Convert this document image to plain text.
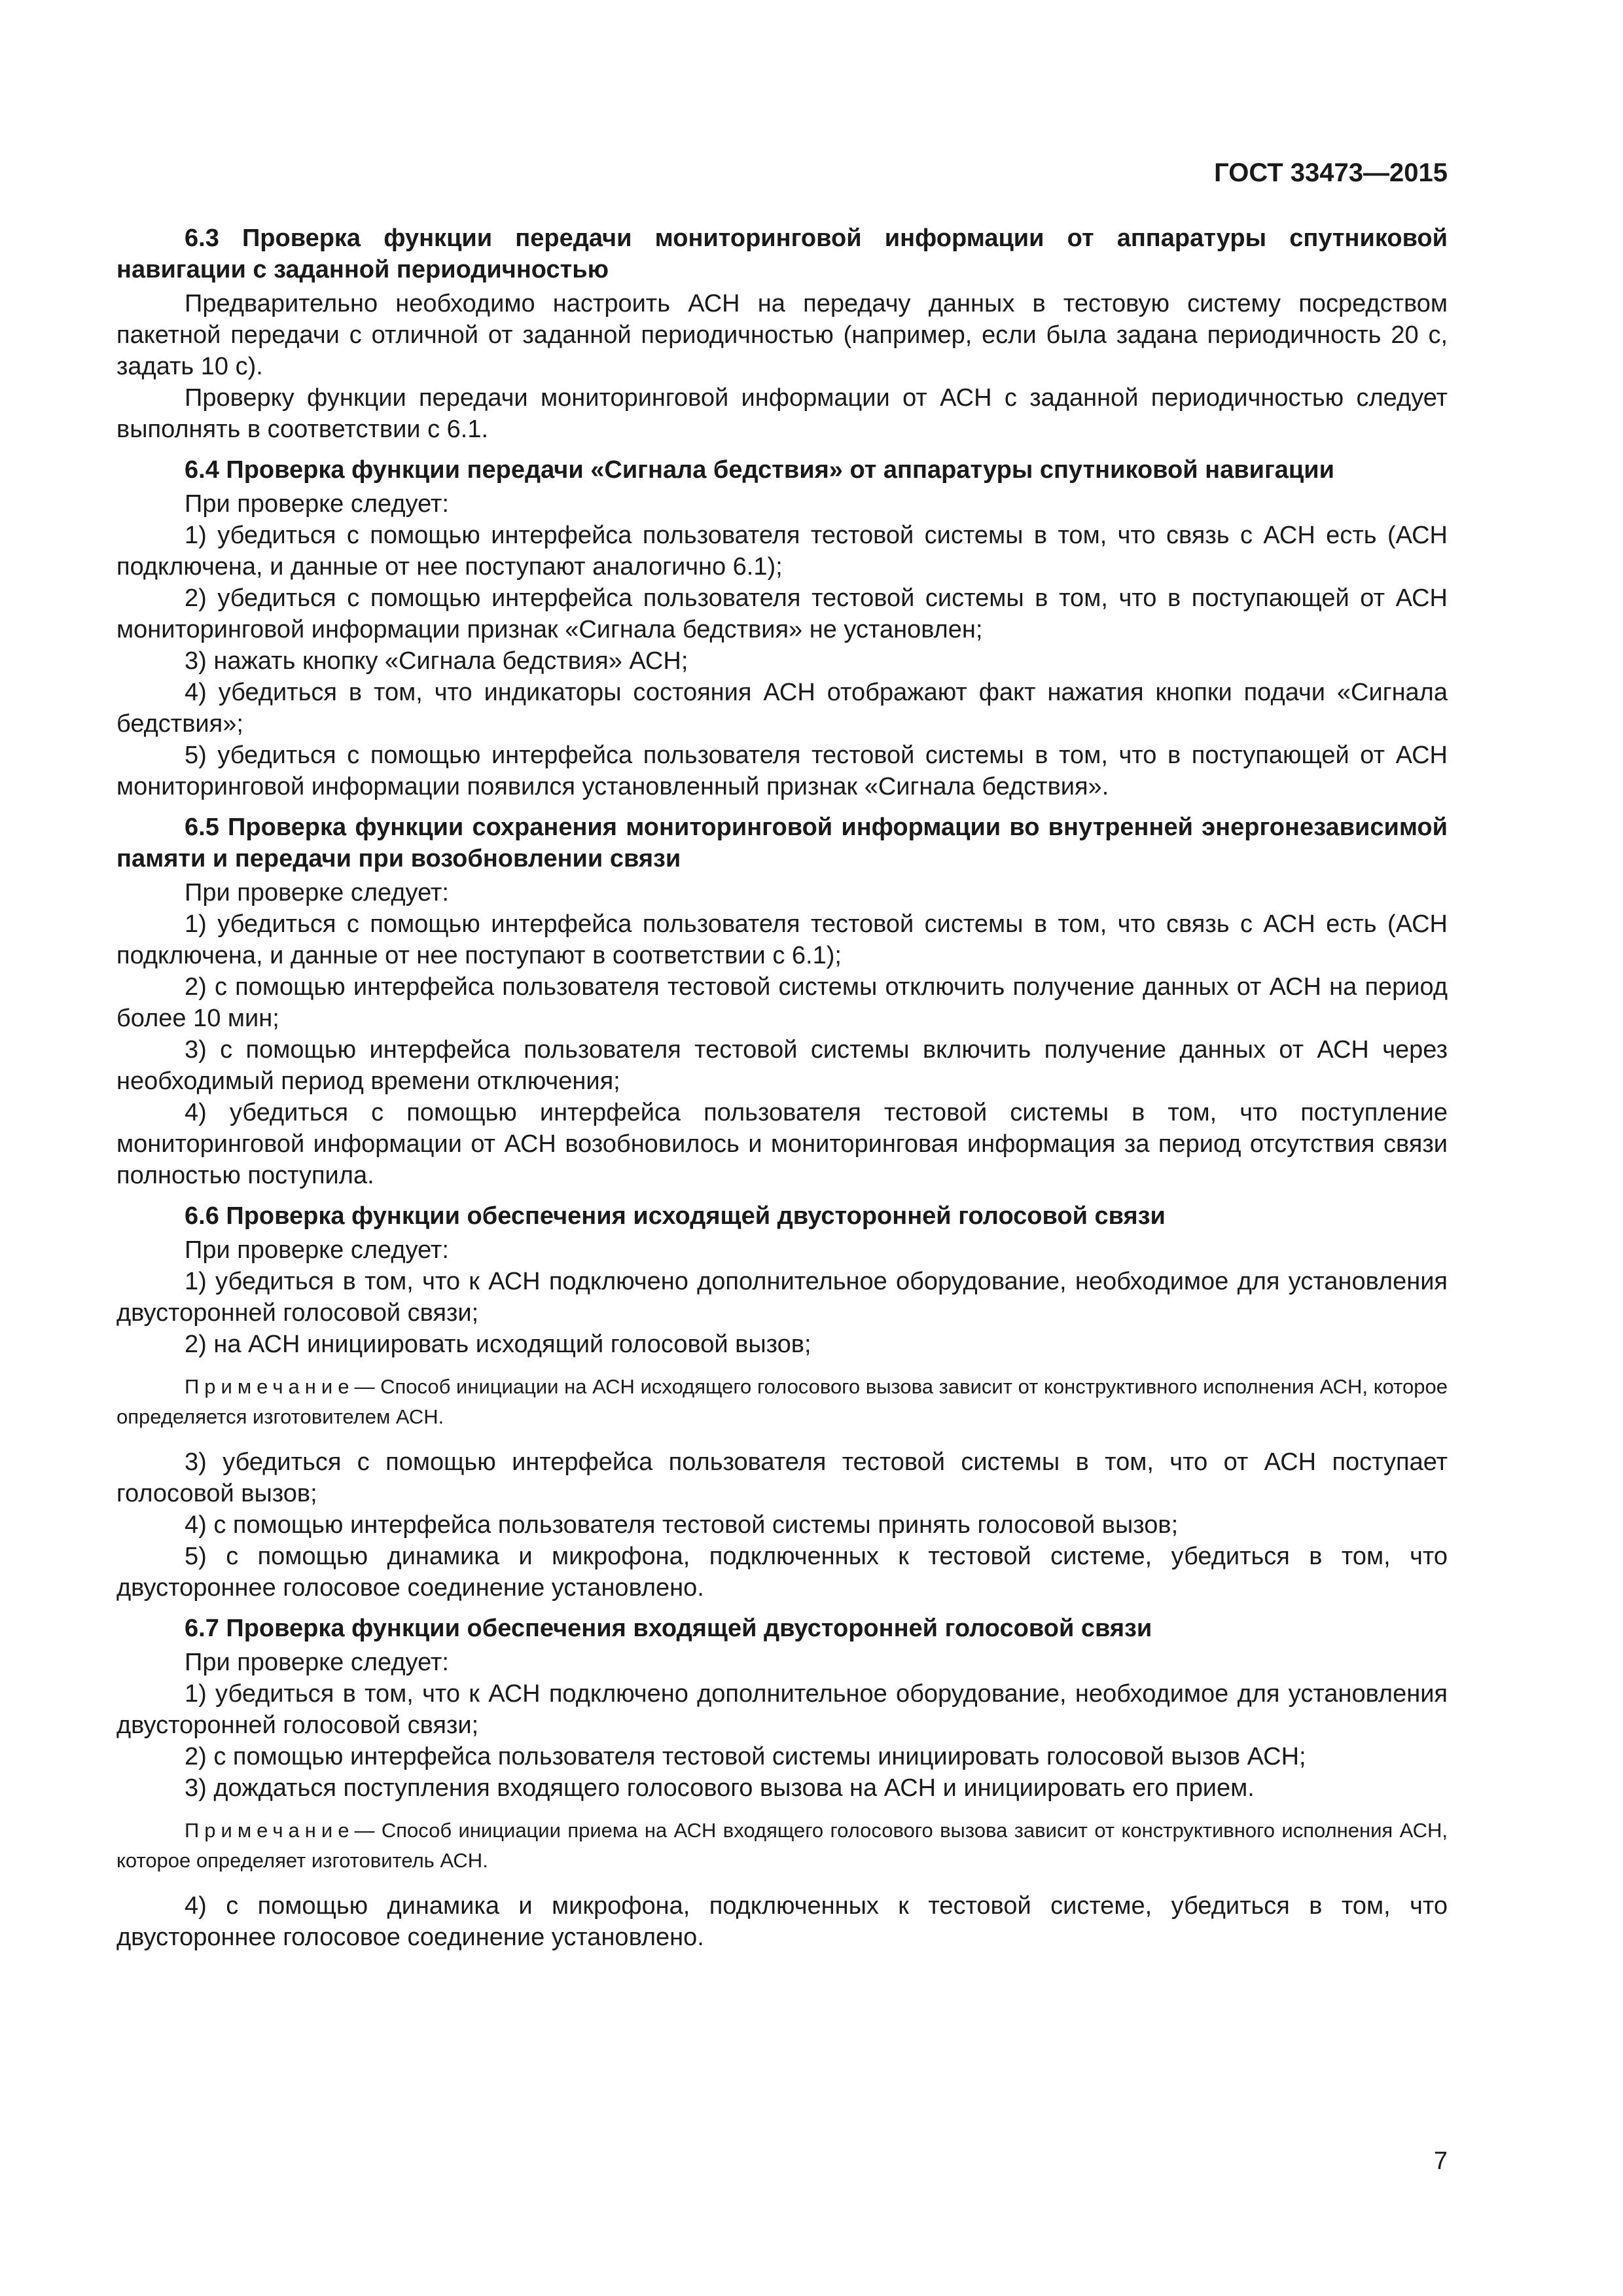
ГОСТ 33473—2015

6.3 Проверка функции передачи мониторинговой информации от аппаратуры спутниковой навигации с заданной периодичностью

Предварительно необходимо настроить АСН на передачу данных в тестовую систему посредством пакетной передачи с отличной от заданной периодичностью (например, если была задана периодичность 20 с, задать 10 с).

Проверку функции передачи мониторинговой информации от АСН с заданной периодичностью следует выполнять в соответствии с 6.1.

6.4 Проверка функции передачи «Сигнала бедствия» от аппаратуры спутниковой навигации

При проверке следует:

1) убедиться с помощью интерфейса пользователя тестовой системы в том, что связь с АСН есть (АСН подключена, и данные от нее поступают аналогично 6.1);

2) убедиться с помощью интерфейса пользователя тестовой системы в том, что в поступающей от АСН мониторинговой информации признак «Сигнала бедствия» не установлен;

3) нажать кнопку «Сигнала бедствия» АСН;

4) убедиться в том, что индикаторы состояния АСН отображают факт нажатия кнопки подачи «Сигнала бедствия»;

5) убедиться с помощью интерфейса пользователя тестовой системы в том, что в поступающей от АСН мониторинговой информации появился установленный признак «Сигнала бедствия».

6.5 Проверка функции сохранения мониторинговой информации во внутренней энергонезависимой памяти и передачи при возобновлении связи

При проверке следует:

1) убедиться с помощью интерфейса пользователя тестовой системы в том, что связь с АСН есть (АСН подключена, и данные от нее поступают в соответствии с 6.1);

2) с помощью интерфейса пользователя тестовой системы отключить получение данных от АСН на период более 10 мин;

3) с помощью интерфейса пользователя тестовой системы включить получение данных от АСН через необходимый период времени отключения;

4) убедиться с помощью интерфейса пользователя тестовой системы в том, что поступление мониторинговой информации от АСН возобновилось и мониторинговая информация за период отсутствия связи полностью поступила.

6.6 Проверка функции обеспечения исходящей двусторонней голосовой связи

При проверке следует:

1) убедиться в том, что к АСН подключено дополнительное оборудование, необходимое для установления двусторонней голосовой связи;

2) на АСН инициировать исходящий голосовой вызов;

Примечание— Способ инициации на АСН исходящего голосового вызова зависит от конструктивного исполнения АСН, которое определяется изготовителем АСН.

3) убедиться с помощью интерфейса пользователя тестовой системы в том, что от АСН поступает голосовой вызов;

4) с помощью интерфейса пользователя тестовой системы принять голосовой вызов;

5) с помощью динамика и микрофона, подключенных к тестовой системе, убедиться в том, что двустороннее голосовое соединение установлено.

6.7 Проверка функции обеспечения входящей двусторонней голосовой связи

При проверке следует:

1) убедиться в том, что к АСН подключено дополнительное оборудование, необходимое для установления двусторонней голосовой связи;

2) с помощью интерфейса пользователя тестовой системы инициировать голосовой вызов АСН;

3) дождаться поступления входящего голосового вызова на АСН и инициировать его прием.

Примечание— Способ инициации приема на АСН входящего голосового вызова зависит от конструктивного исполнения АСН, которое определяет изготовитель АСН.

4) с помощью динамика и микрофона, подключенных к тестовой системе, убедиться в том, что двустороннее голосовое соединение установлено.

7
